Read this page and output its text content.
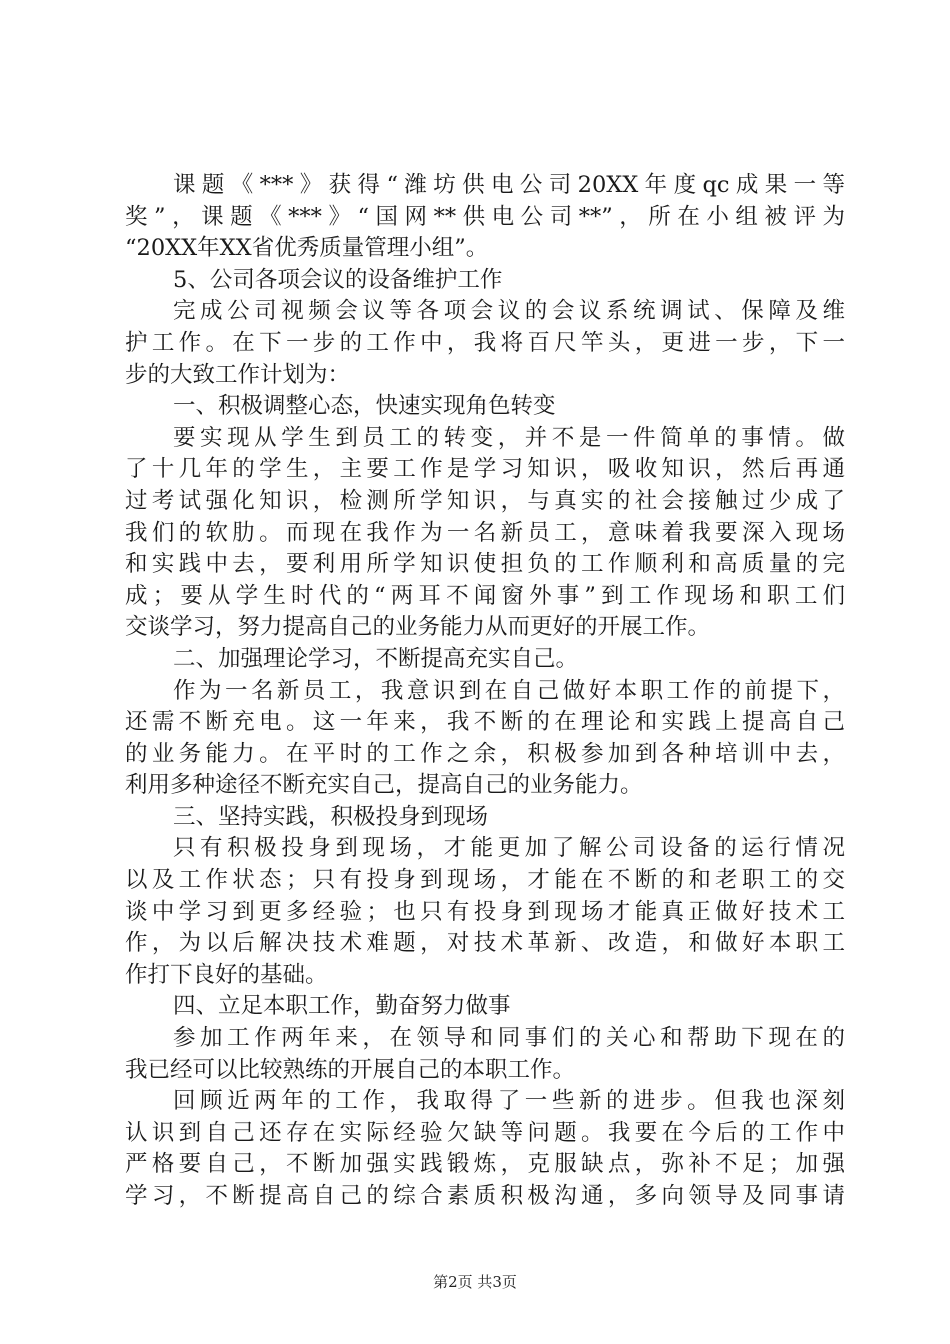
课题《***》获得“潍坊供电公司20XX年度qc成果一等
奖”，课题《***》“国网**供电公司**”，所在小组被评为
“20XX年XX省优秀质量管理小组”。
5、公司各项会议的设备维护工作
完成公司视频会议等各项会议的会议系统调试、保障及维
护工作。在下一步的工作中，我将百尺竿头，更进一步，下一
步的大致工作计划为：
一、积极调整心态，快速实现角色转变
要实现从学生到员工的转变，并不是一件简单的事情。做
了十几年的学生，主要工作是学习知识，吸收知识，然后再通
过考试强化知识，检测所学知识，与真实的社会接触过少成了
我们的软肋。而现在我作为一名新员工，意味着我要深入现场
和实践中去，要利用所学知识使担负的工作顺利和高质量的完
成；要从学生时代的“两耳不闻窗外事”到工作现场和职工们
交谈学习，努力提高自己的业务能力从而更好的开展工作。
二、加强理论学习，不断提高充实自己。
作为一名新员工，我意识到在自己做好本职工作的前提下，
还需不断充电。这一年来，我不断的在理论和实践上提高自己
的业务能力。在平时的工作之余，积极参加到各种培训中去，
利用多种途径不断充实自己，提高自己的业务能力。
三、坚持实践，积极投身到现场
只有积极投身到现场，才能更加了解公司设备的运行情况
以及工作状态；只有投身到现场，才能在不断的和老职工的交
谈中学习到更多经验；也只有投身到现场才能真正做好技术工
作，为以后解决技术难题，对技术革新、改造，和做好本职工
作打下良好的基础。
四、立足本职工作，勤奋努力做事
参加工作两年来，在领导和同事们的关心和帮助下现在的
我已经可以比较熟练的开展自己的本职工作。
回顾近两年的工作，我取得了一些新的进步。但我也深刻
认识到自己还存在实际经验欠缺等问题。我要在今后的工作中
严格要自己，不断加强实践锻炼，克服缺点，弥补不足；加强
学习，不断提高自己的综合素质积极沟通，多向领导及同事请
第2页 共3页
